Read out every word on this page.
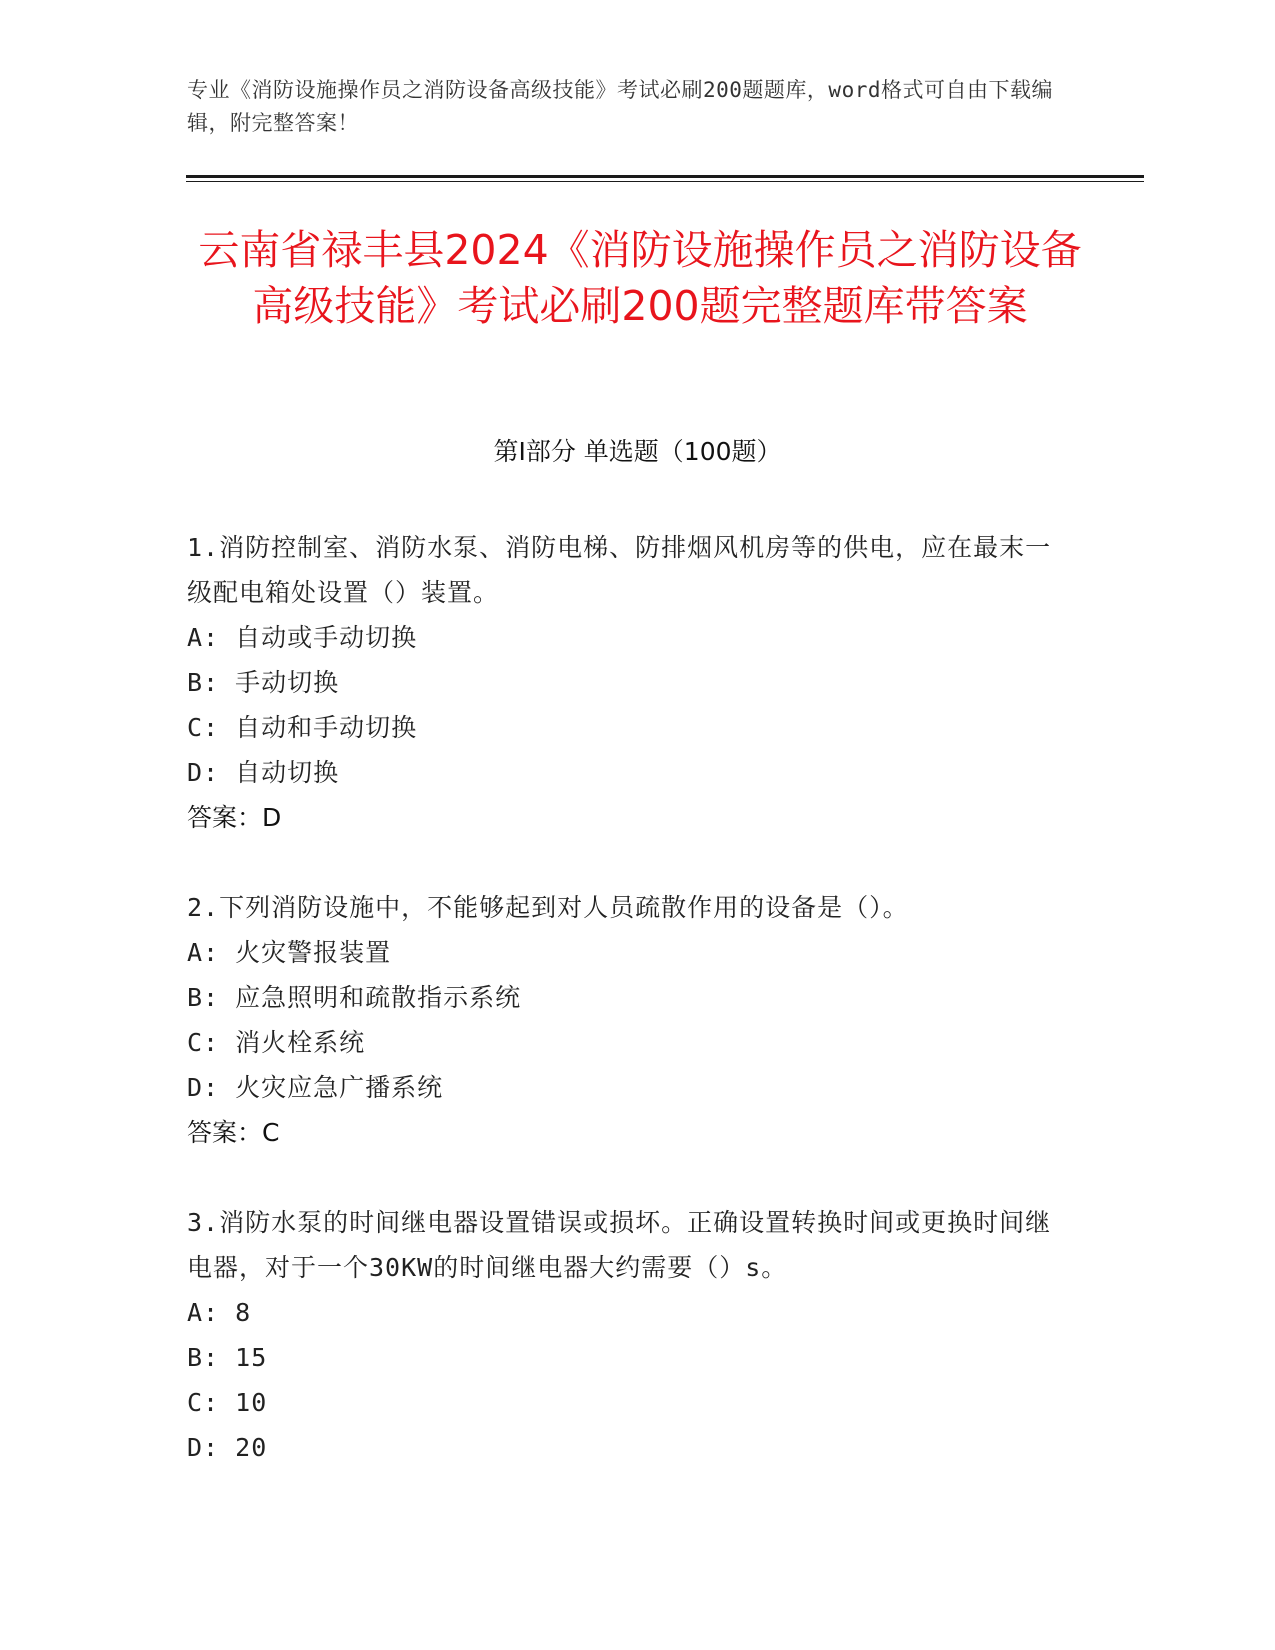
专业《消防设施操作员之消防设备高级技能》考试必刷200题题库，word格式可自由下载编辑，附完整答案！
云南省禄丰县2024《消防设施操作员之消防设备高级技能》考试必刷200题完整题库带答案
第I部分 单选题（100题）
1.消防控制室、消防水泵、消防电梯、防排烟风机房等的供电，应在最末一级配电箱处设置（）装置。
A: 自动或手动切换
B: 手动切换
C: 自动和手动切换
D: 自动切换
答案：D
2.下列消防设施中，不能够起到对人员疏散作用的设备是（）。
A: 火灾警报装置
B: 应急照明和疏散指示系统
C: 消火栓系统
D: 火灾应急广播系统
答案：C
3.消防水泵的时间继电器设置错误或损坏。正确设置转换时间或更换时间继电器，对于一个30KW的时间继电器大约需要（）s。
A: 8
B: 15
C: 10
D: 20
